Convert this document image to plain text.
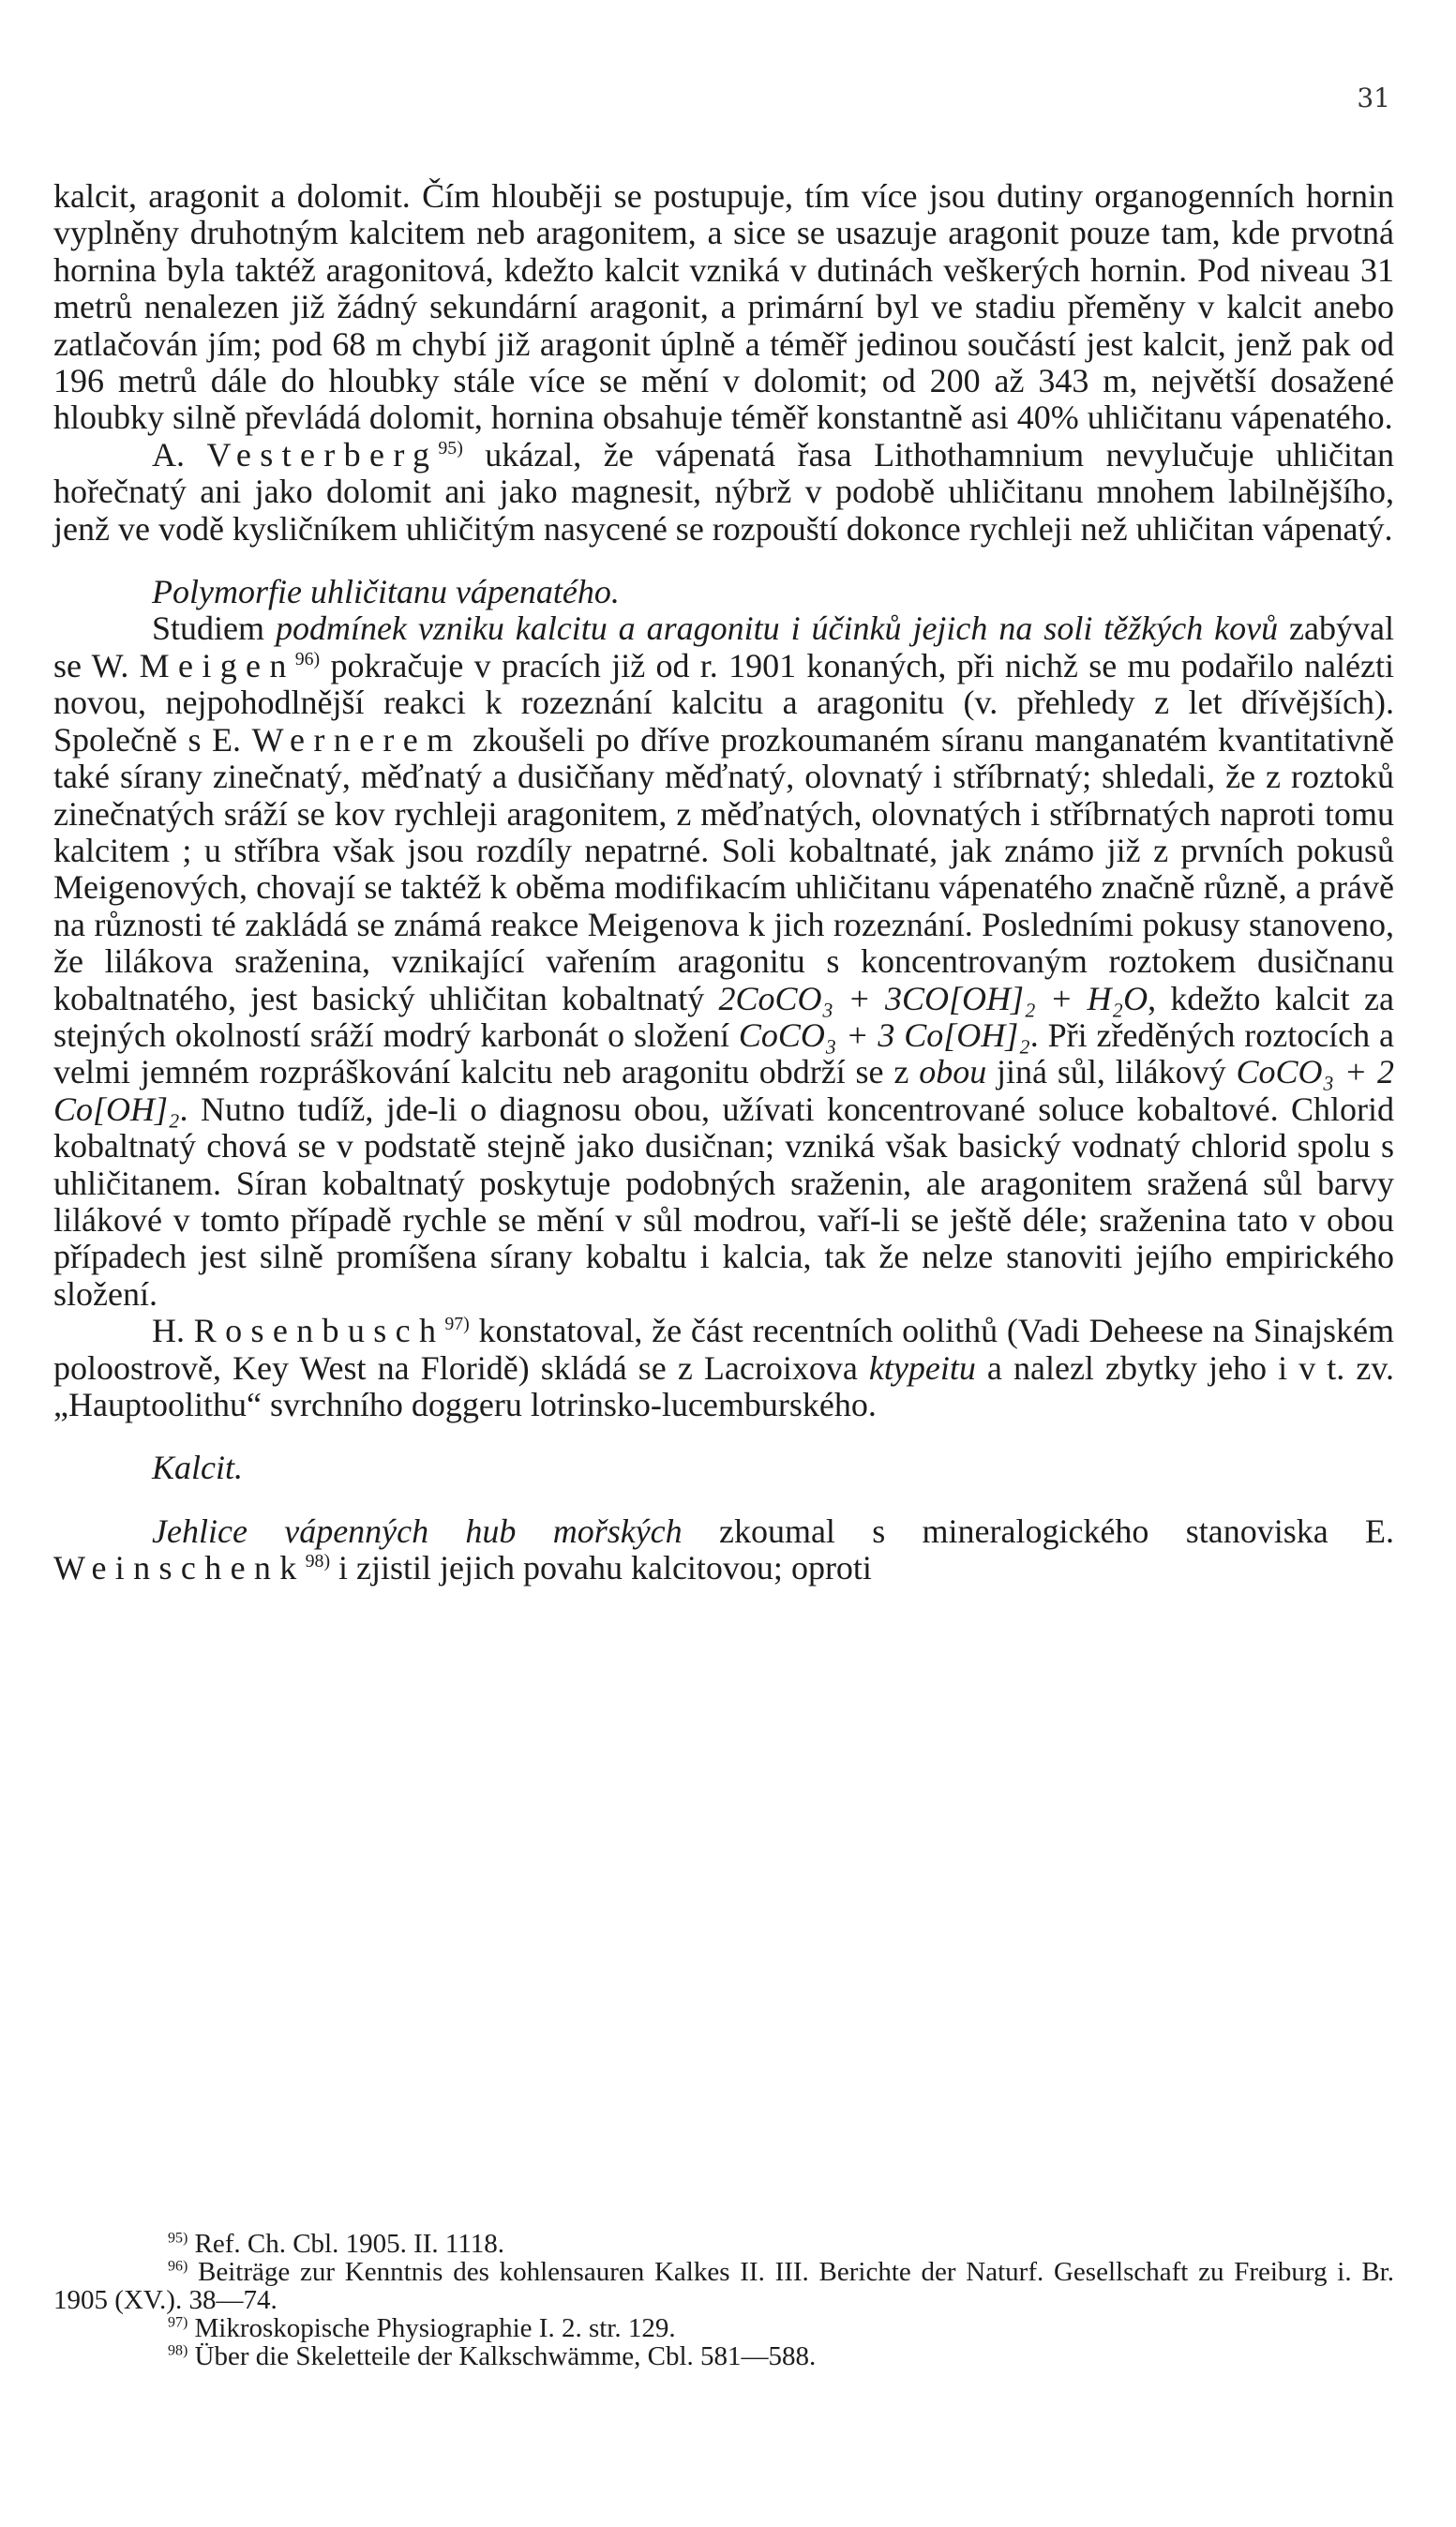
31

kalcit, aragonit a dolomit. Čím hlouběji se postupuje, tím více jsou dutiny organogenních hornin vyplněny druhotným kalcitem neb aragonitem, a sice se usazuje aragonit pouze tam, kde prvotná hornina byla taktéž aragonitová, kdežto kalcit vzniká v dutinách veškerých hornin. Pod niveau 31 metrů nenalezen již žádný sekundární aragonit, a primární byl ve stadiu přeměny v kalcit anebo zatlačován jím; pod 68 m chybí již aragonit úplně a téměř jedinou součástí jest kalcit, jenž pak od 196 metrů dále do hloubky stále více se mění v dolomit; od 200 až 343 m, největší dosažené hloubky silně převládá dolomit, hornina obsahuje téměř konstantně asi 40% uhličitanu vápenatého.

A. Vesterberg$^{95)}$ ukázal, že vápenatá řasa Lithothamnium nevylučuje uhličitan hořečnatý ani jako dolomit ani jako magnesit, nýbrž v podobě uhličitanu mnohem labilnějšího, jenž ve vodě kysličníkem uhličitým nasycené se rozpouští dokonce rychleji než uhličitan vápenatý.

Polymorfie uhličitanu vápenatého.

Studiem podmínek vzniku kalcitu a aragonitu i účinků jejich na soli těžkých kovů zabýval se W. Meigen$^{96)}$ pokračuje v pracích již od r. 1901 konaných, při nichž se mu podařilo nalézti novou, nejpohodlnější reakci k rozeznání kalcitu a aragonitu (v. přehledy z let dřívějších). Společně s E. Wernerem zkoušeli po dříve prozkoumaném síranu manganatém kvantitativně také sírany zinečnatý, měďnatý a dusičňany měďnatý, olovnatý i stříbrnatý; shledali, že z roztoků zinečnatých sráží se kov rychleji aragonitem, z měďnatých, olovnatých i stříbrnatých naproti tomu kalcitem ; u stříbra však jsou rozdíly nepatrné. Soli kobaltnaté, jak známo již z prvních pokusů Meigenových, chovají se taktéž k oběma modifikacím uhličitanu vápenatého značně různě, a právě na různosti té zakládá se známá reakce Meigenova k jich rozeznání. Posledními pokusy stanoveno, že lilákova sraženina, vznikající vařením aragonitu s koncentrovaným roztokem dusičnanu kobaltnatého, jest basický uhličitan kobaltnatý 2CoCO₃ + 3CO[OH]₂ + H₂O, kdežto kalcit za stejných okolností sráží modrý karbonát o složení CoCO₃ + 3 Co[OH]₂. Při zředěných roztocích a velmi jemném rozpráškování kalcitu neb aragonitu obdrží se z obou jiná sůl, lilákový CoCO₃ + 2 Co[OH]₂. Nutno tudíž, jde-li o diagnosu obou, užívati koncentrované soluce kobaltové. Chlorid kobaltnatý chová se v podstatě stejně jako dusičnan; vzniká však basický vodnatý chlorid spolu s uhličitanem. Síran kobaltnatý poskytuje podobných sraženin, ale aragonitem sražená sůl barvy lilákové v tomto případě rychle se mění v sůl modrou, vaří-li se ještě déle; sraženina tato v obou případech jest silně promíšena sírany kobaltu i kalcia, tak že nelze stanoviti jejího empirického složení.

H. Rosenbusch$^{97)}$ konstatoval, že část recentních oolithů (Vadi Deheese na Sinajském poloostrově, Key West na Floridě) skládá se z Lacroixova ktypeitu a nalezl zbytky jeho i v t. zv. „Hauptoolithu“ svrchního doggeru lotrinsko-lucemburského.

Kalcit.

Jehlice vápenných hub mořských zkoumal s mineralogického stanoviska E. Weinschenk$^{98)}$ i zjistil jejich povahu kalcitovou; oproti

$^{95)}$ Ref. Ch. Cbl. 1905. II. 1118.

$^{96)}$ Beiträge zur Kenntnis des kohlensauren Kalkes II. III. Berichte der Naturf. Gesellschaft zu Freiburg i. Br. 1905 (XV.). 38—74.

$^{97)}$ Mikroskopische Physiographie I. 2. str. 129.

$^{98)}$ Über die Skeletteile der Kalkschwämme, Cbl. 581—588.
